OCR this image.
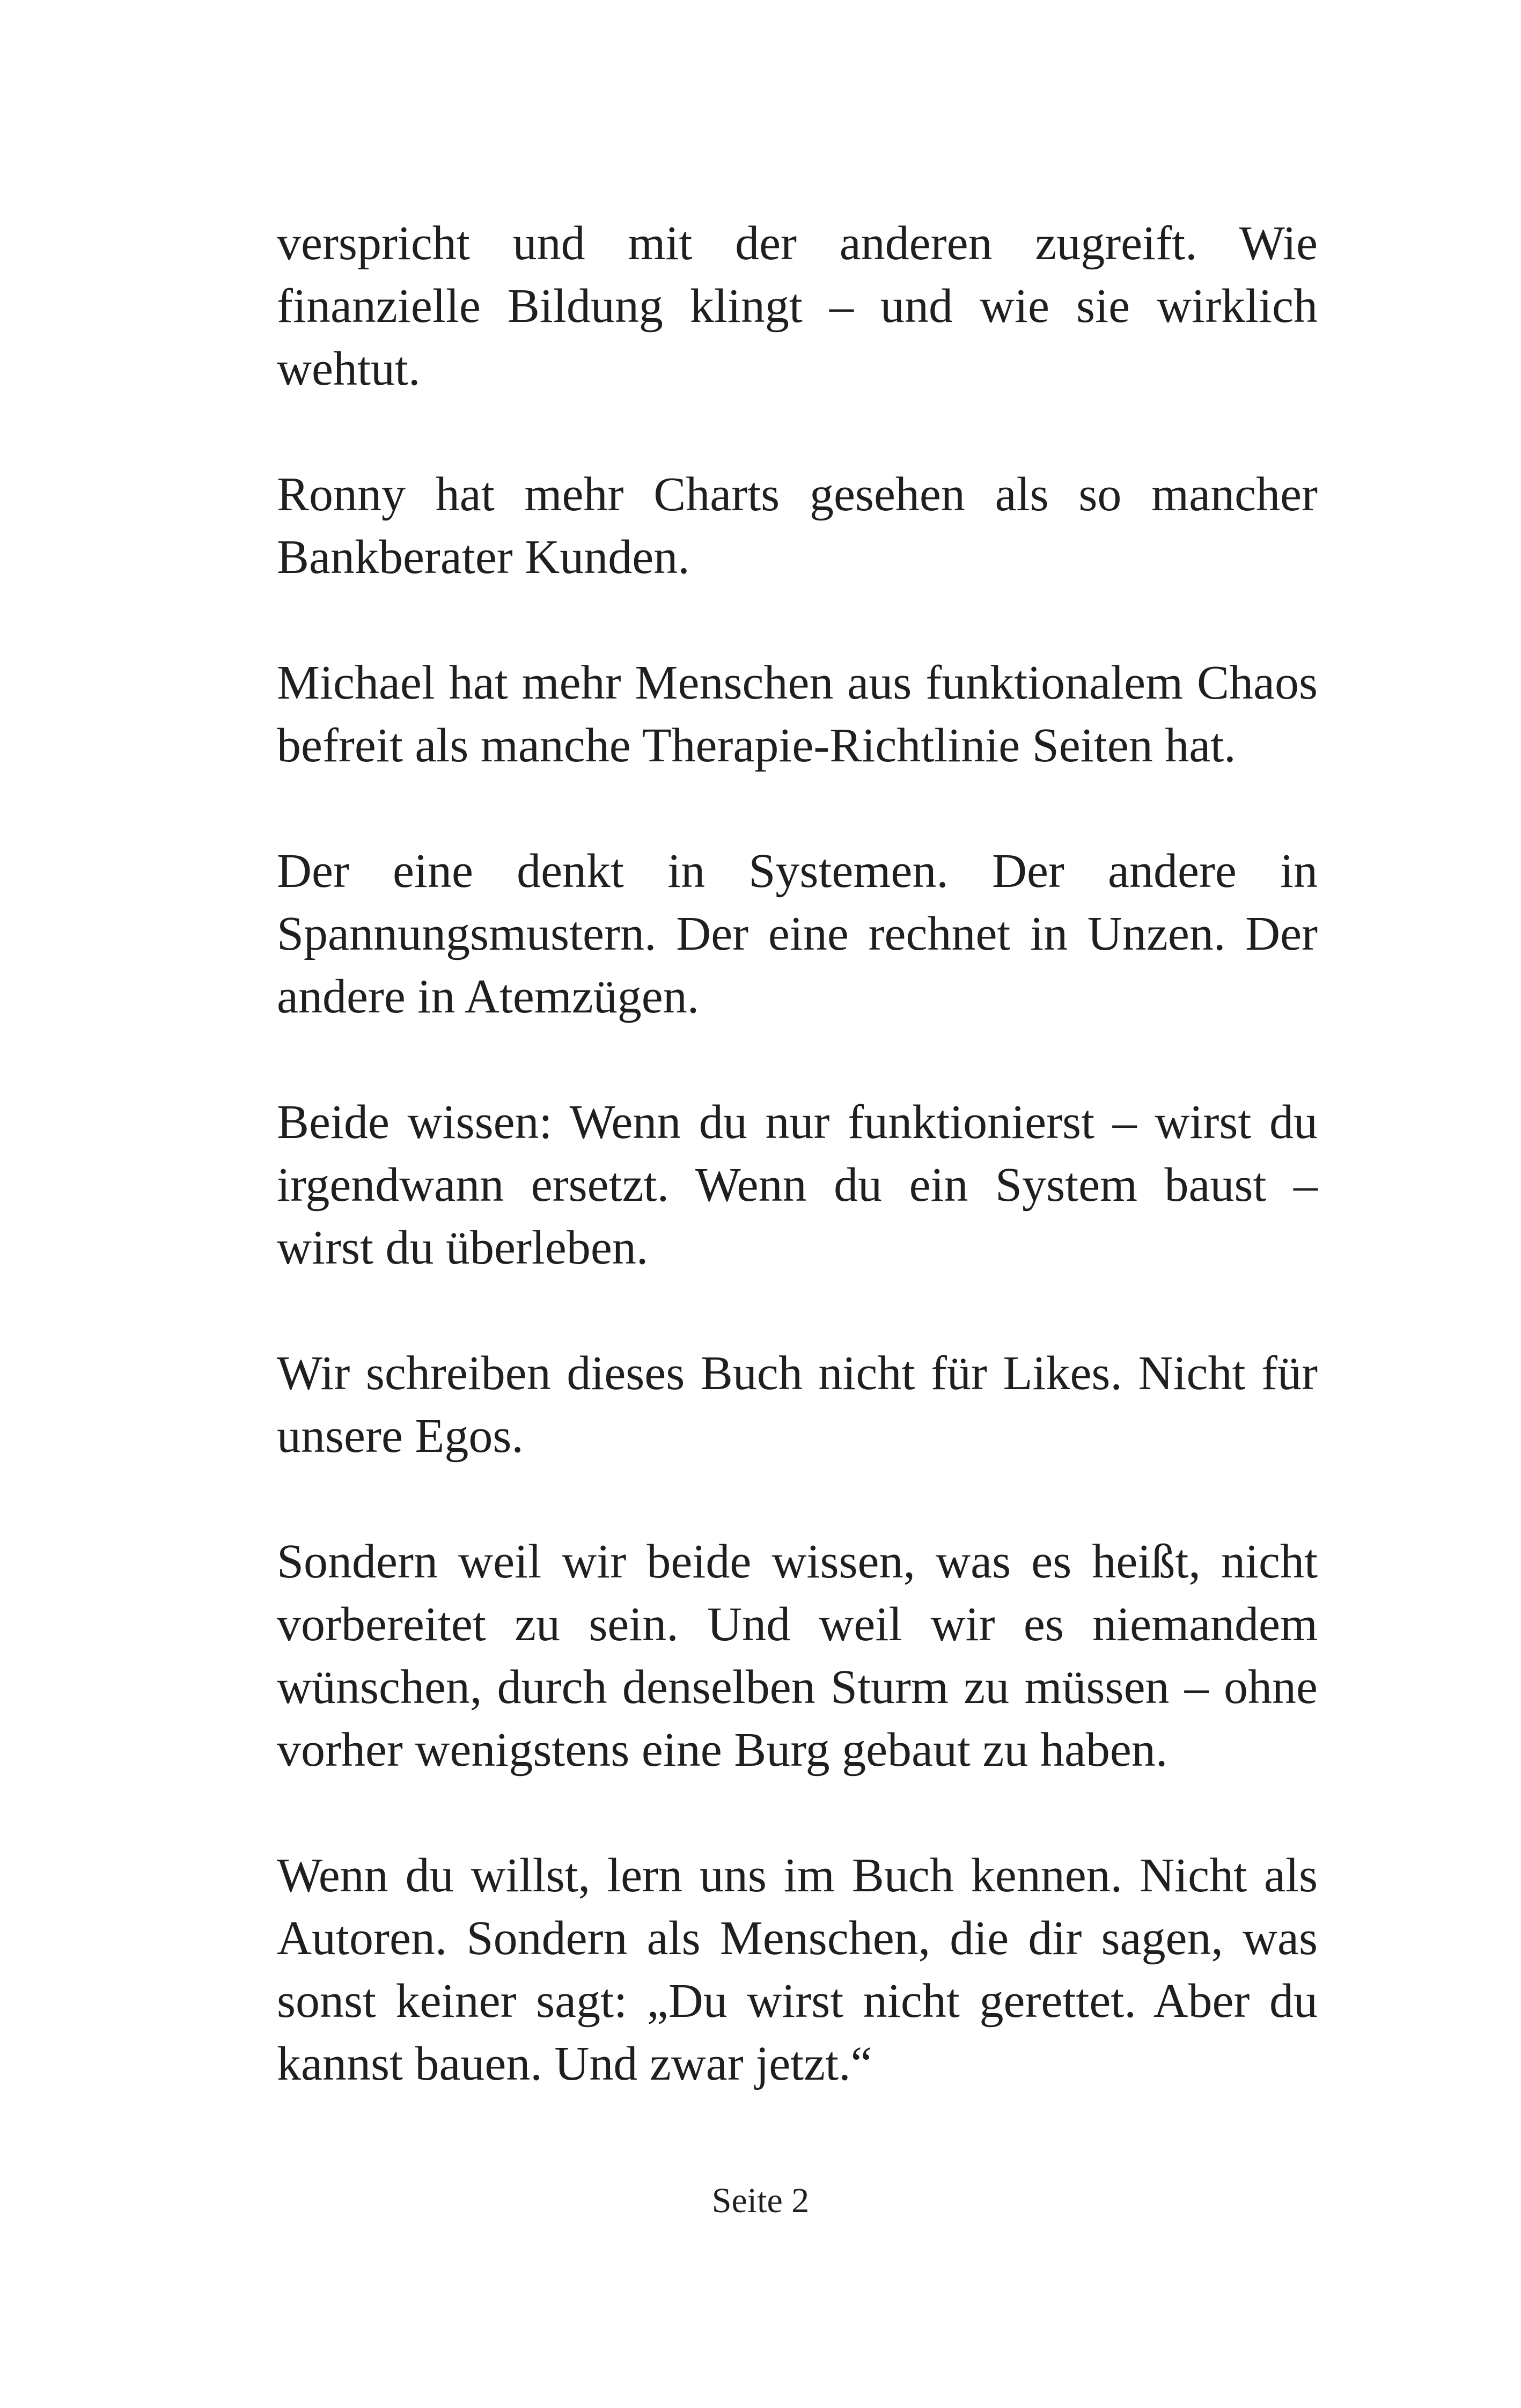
verspricht und mit der anderen zugreift. Wie finanzielle Bildung klingt – und wie sie wirklich wehtut.

Ronny hat mehr Charts gesehen als so mancher Bankberater Kunden.

Michael hat mehr Menschen aus funktionalem Chaos befreit als manche Therapie-Richtlinie Seiten hat.

Der eine denkt in Systemen. Der andere in Spannungsmustern. Der eine rechnet in Unzen. Der andere in Atemzügen.

Beide wissen: Wenn du nur funktionierst – wirst du irgendwann ersetzt. Wenn du ein System baust – wirst du überleben.

Wir schreiben dieses Buch nicht für Likes. Nicht für unsere Egos.

Sondern weil wir beide wissen, was es heißt, nicht vorbereitet zu sein. Und weil wir es niemandem wünschen, durch denselben Sturm zu müssen – ohne vorher wenigstens eine Burg gebaut zu haben.

Wenn du willst, lern uns im Buch kennen. Nicht als Autoren. Sondern als Menschen, die dir sagen, was sonst keiner sagt: „Du wirst nicht gerettet. Aber du kannst bauen. Und zwar jetzt.“

Seite 2
